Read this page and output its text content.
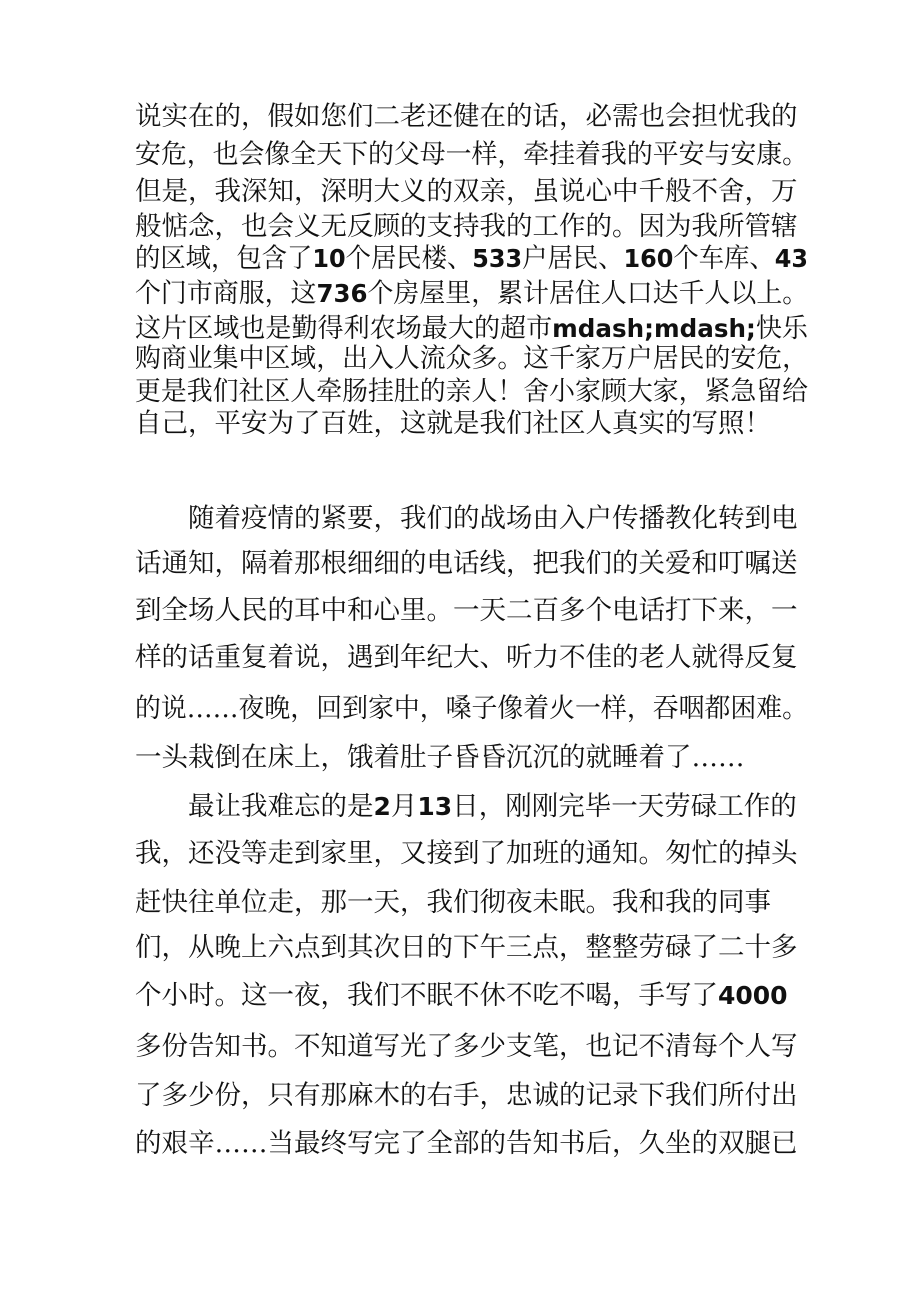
说实在的，假如您们二老还健在的话，必需也会担忧我的
安危，也会像全天下的父母一样，牵挂着我的平安与安康。
但是，我深知，深明大义的双亲，虽说心中千般不舍，万
般惦念，也会义无反顾的支持我的工作的。因为我所管辖
的区域，包含了10个居民楼、533户居民、160个车库、43
个门市商服，这736个房屋里，累计居住人口达千人以上。
这片区域也是勤得利农场最大的超市mdash;mdash;快乐
购商业集中区域，出入人流众多。这千家万户居民的安危，
更是我们社区人牵肠挂肚的亲人！舍小家顾大家，紧急留给
自己，平安为了百姓，这就是我们社区人真实的写照！
随着疫情的紧要，我们的战场由入户传播教化转到电
话通知，隔着那根细细的电话线，把我们的关爱和叮嘱送
到全场人民的耳中和心里。一天二百多个电话打下来，一
样的话重复着说，遇到年纪大、听力不佳的老人就得反复
的说……夜晚，回到家中，嗓子像着火一样，吞咽都困难。
一头栽倒在床上，饿着肚子昏昏沉沉的就睡着了……
最让我难忘的是2月13日，刚刚完毕一天劳碌工作的
我，还没等走到家里，又接到了加班的通知。匆忙的掉头
赶快往单位走，那一天，我们彻夜未眠。我和我的同事
们，从晚上六点到其次日的下午三点，整整劳碌了二十多
个小时。这一夜，我们不眠不休不吃不喝，手写了4000
多份告知书。不知道写光了多少支笔，也记不清每个人写
了多少份，只有那麻木的右手，忠诚的记录下我们所付出
的艰辛……当最终写完了全部的告知书后，久坐的双腿已
